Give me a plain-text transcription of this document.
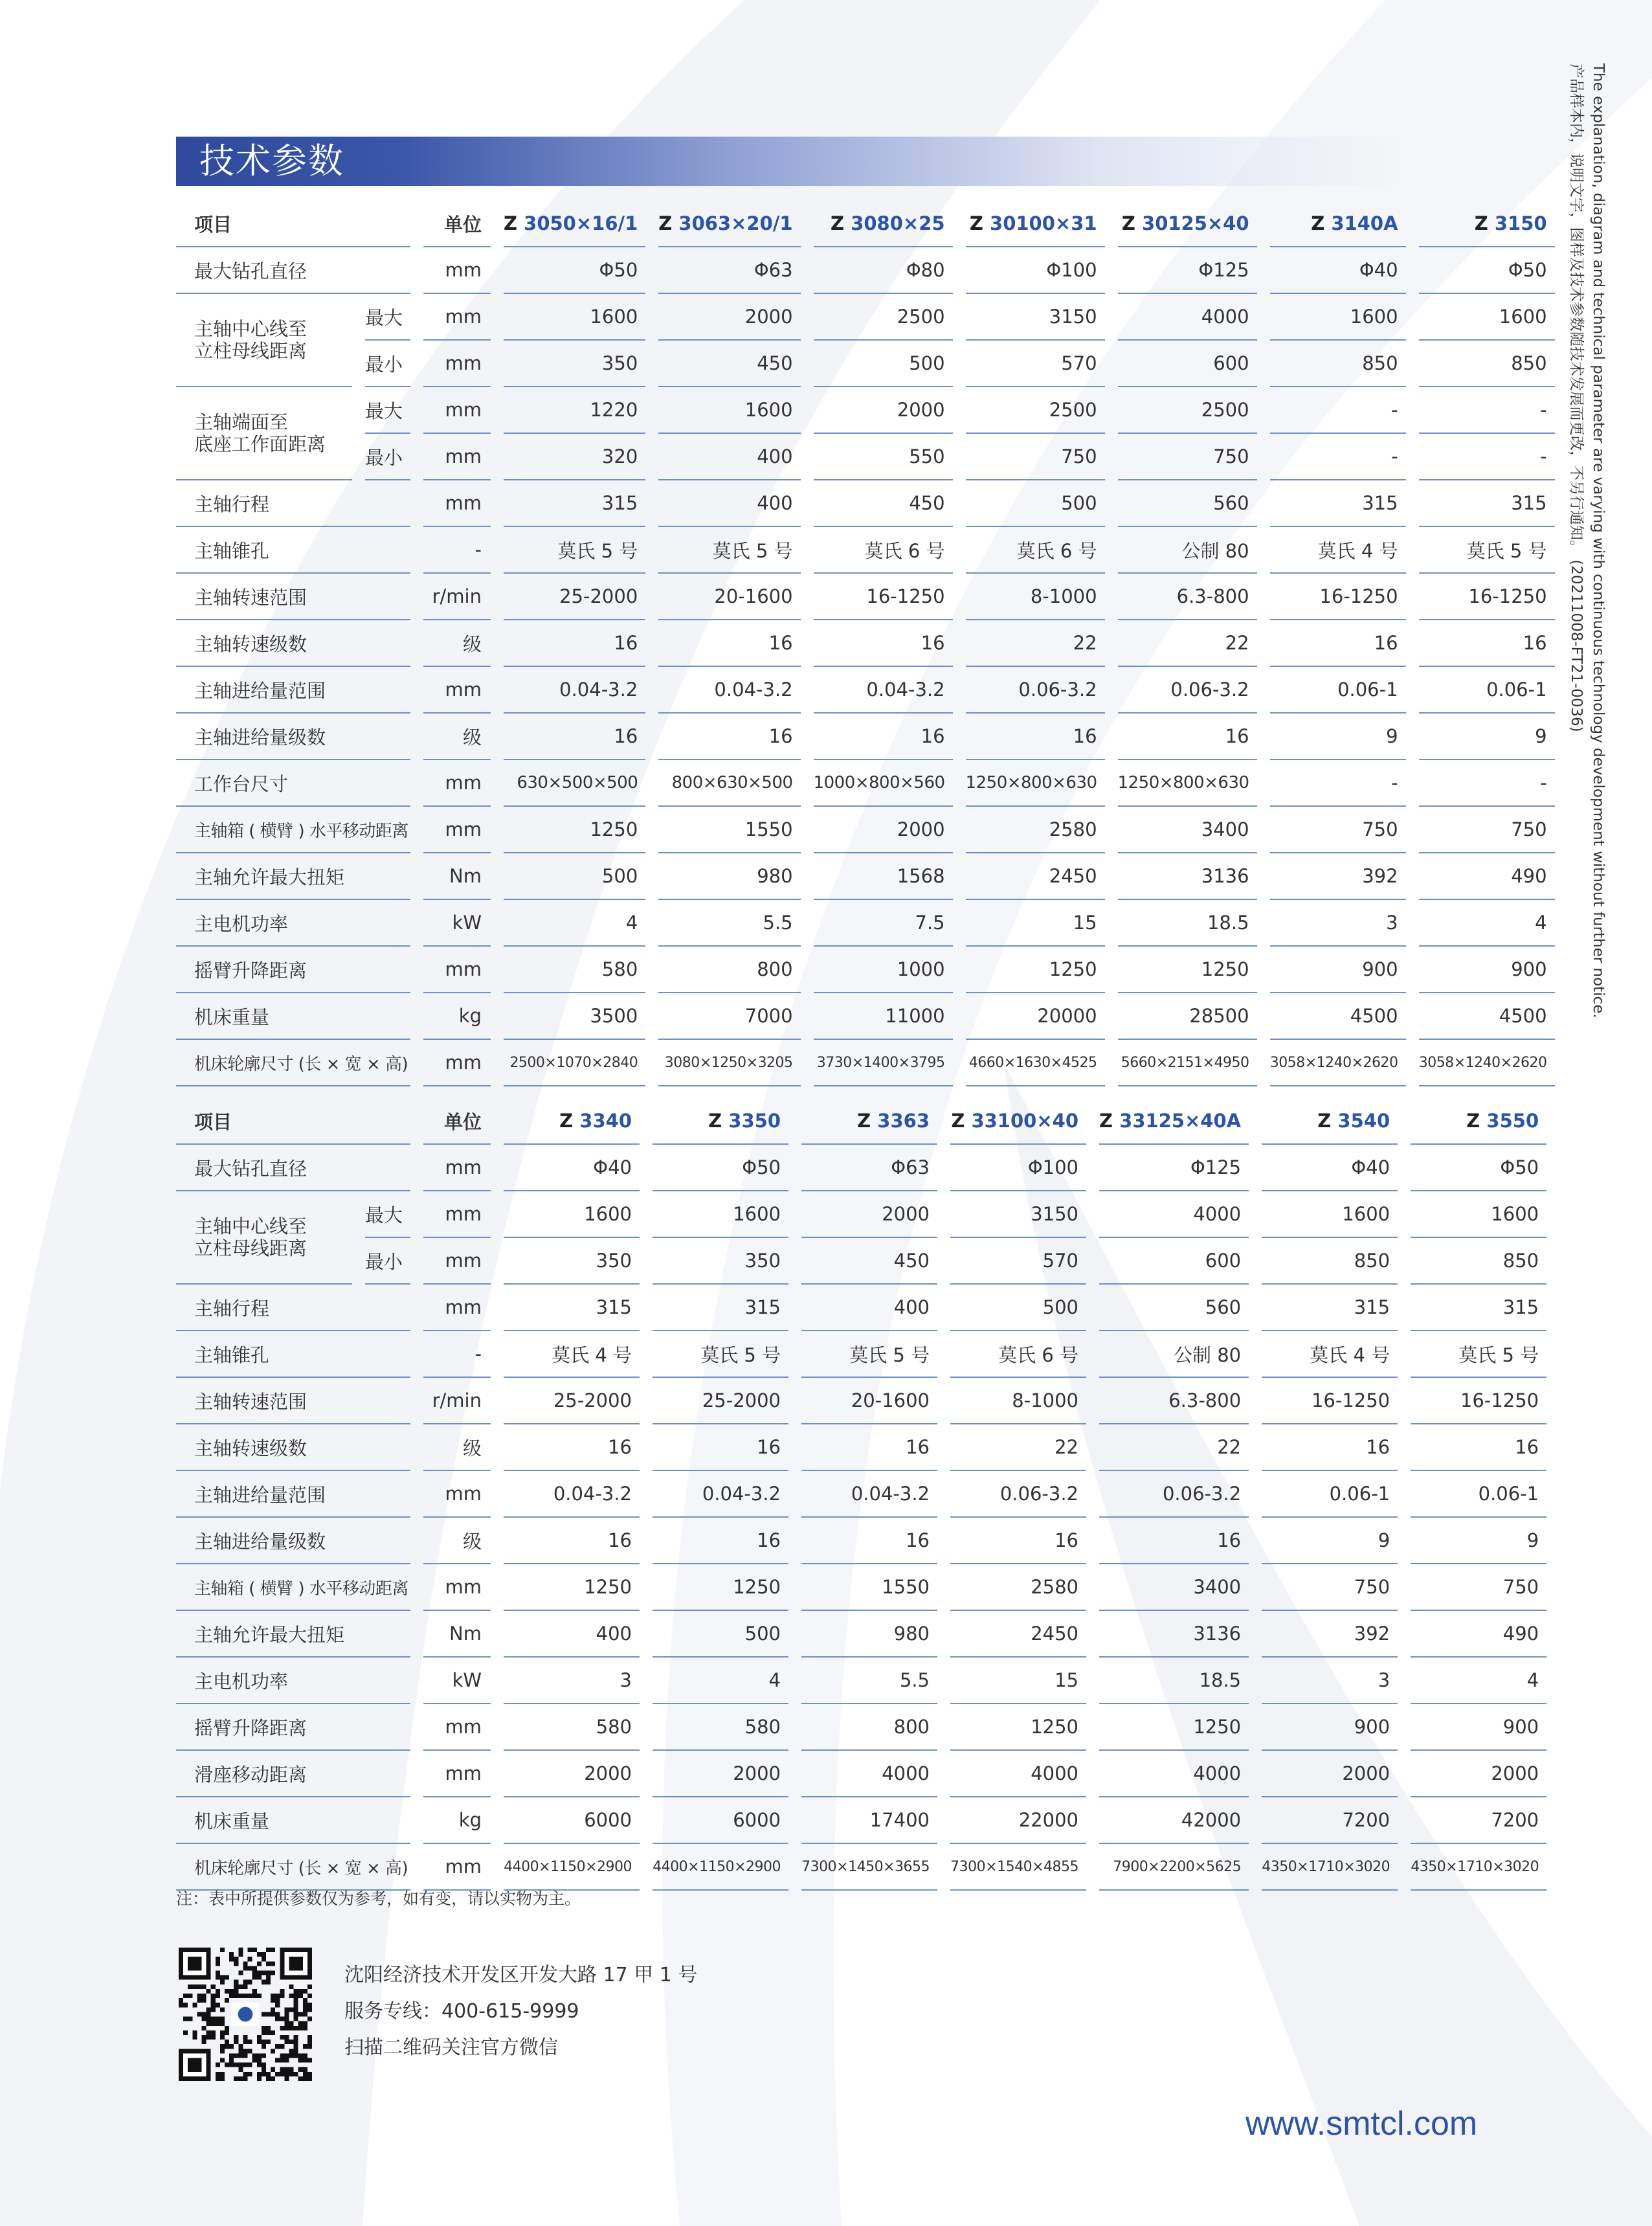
技术参数	The explanation, diagram and technical parameter are varying with continuous technology development without further notice.
产品样本内，说明文字，图样及技术参数随技术发展而更改，不另行通知。 (20211008-FT21-0036)
项目		单位	Z 3050×16/1	Z 3063×20/1	Z 3080×25	Z 30100×31	Z 30125×40	Z 3140A	Z 3150
最大钻孔直径		mm	Φ50	Φ63	Φ80	Φ100	Φ125	Φ40	Φ50
主轴中心线至
立柱母线距离	最大	mm	1600	2000	2500	3150	4000	1600	1600
	最小	mm	350	450	500	570	600	850	850
主轴端面至
底座工作面距离	最大	mm	1220	1600	2000	2500	2500	-	-
	最小	mm	320	400	550	750	750	-	-
主轴行程		mm	315	400	450	500	560	315	315
主轴锥孔		-	莫氏 5 号	莫氏 5 号	莫氏 6 号	莫氏 6 号	公制 80	莫氏 4 号	莫氏 5 号
主轴转速范围		r/min	25-2000	20-1600	16-1250	8-1000	6.3-800	16-1250	16-1250
主轴转速级数		级	16	16	16	22	22	16	16
主轴进给量范围		mm	0.04-3.2	0.04-3.2	0.04-3.2	0.06-3.2	0.06-3.2	0.06-1	0.06-1
主轴进给量级数		级	16	16	16	16	16	9	9
工作台尺寸		mm	630×500×500	800×630×500	1000×800×560	1250×800×630	1250×800×630	-	-
主轴箱 ( 横臂 ) 水平移动距离		mm	1250	1550	2000	2580	3400	750	750
主轴允许最大扭矩		Nm	500	980	1568	2450	3136	392	490
主电机功率		kW	4	5.5	7.5	15	18.5	3	4
摇臂升降距离		mm	580	800	1000	1250	1250	900	900
机床重量		kg	3500	7000	11000	20000	28500	4500	4500
机床轮廓尺寸 (长 × 宽 × 高)		mm	2500×1070×2840	3080×1250×3205	3730×1400×3795	4660×1630×4525	5660×2151×4950	3058×1240×2620	3058×1240×2620
项目		单位	Z 3340	Z 3350	Z 3363	Z 33100×40	Z 33125×40A	Z 3540	Z 3550
最大钻孔直径		mm	Φ40	Φ50	Φ63	Φ100	Φ125	Φ40	Φ50
主轴中心线至
立柱母线距离	最大	mm	1600	1600	2000	3150	4000	1600	1600
	最小	mm	350	350	450	570	600	850	850
主轴行程		mm	315	315	400	500	560	315	315
主轴锥孔		-	莫氏 4 号	莫氏 5 号	莫氏 5 号	莫氏 6 号	公制 80	莫氏 4 号	莫氏 5 号
主轴转速范围		r/min	25-2000	25-2000	20-1600	8-1000	6.3-800	16-1250	16-1250
主轴转速级数		级	16	16	16	22	22	16	16
主轴进给量范围		mm	0.04-3.2	0.04-3.2	0.04-3.2	0.06-3.2	0.06-3.2	0.06-1	0.06-1
主轴进给量级数		级	16	16	16	16	16	9	9
主轴箱 ( 横臂 ) 水平移动距离		mm	1250	1250	1550	2580	3400	750	750
主轴允许最大扭矩		Nm	400	500	980	2450	3136	392	490
主电机功率		kW	3	4	5.5	15	18.5	3	4
摇臂升降距离		mm	580	580	800	1250	1250	900	900
滑座移动距离		mm	2000	2000	4000	4000	4000	2000	2000
机床重量		kg	6000	6000	17400	22000	42000	7200	7200
机床轮廓尺寸 (长 × 宽 × 高)		mm	4400×1150×2900	4400×1150×2900	7300×1450×3655	7300×1540×4855	7900×2200×5625	4350×1710×3020	4350×1710×3020
注：表中所提供参数仅为参考，如有变，请以实物为主。
沈阳经济技术开发区开发大路 17 甲 1 号
服务专线：400-615-9999
扫描二维码关注官方微信
www.smtcl.com
